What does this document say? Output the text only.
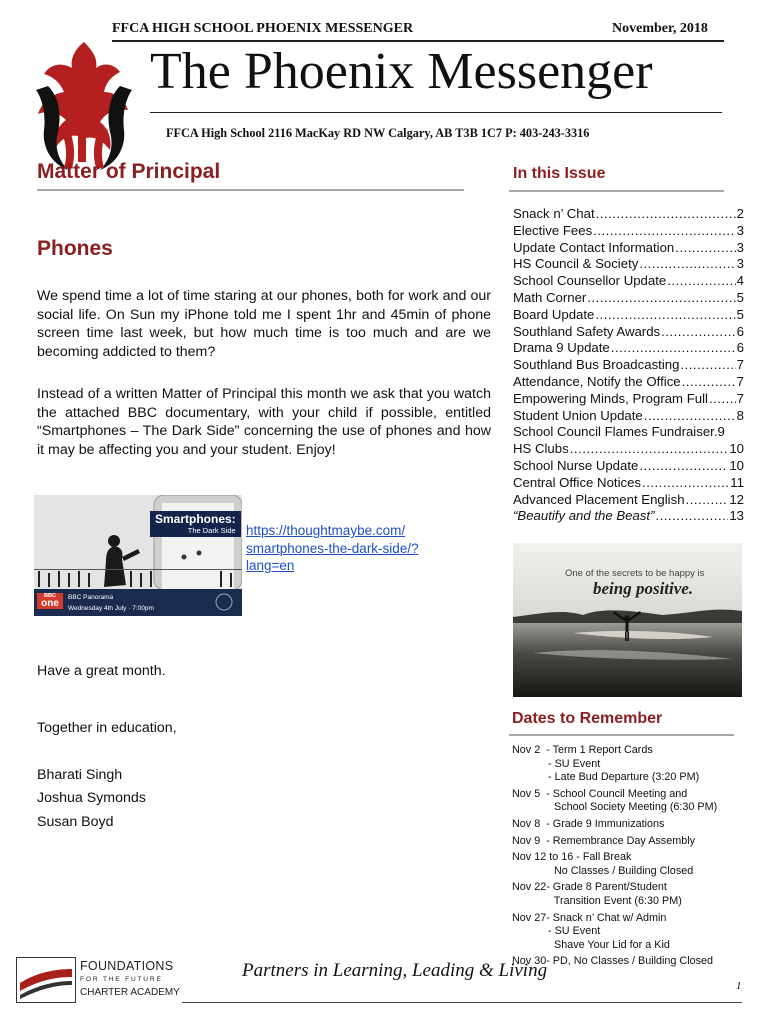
FFCA HIGH SCHOOL PHOENIX MESSENGER	November, 2018
The Phoenix Messenger
FFCA High School 2116 MacKay RD NW Calgary, AB T3B 1C7 P: 403-243-3316
Matter of Principal
Phones
We spend time a lot of time staring at our phones, both for work and our social life. On Sun my iPhone told me I spent 1hr and 45min of phone screen time last week, but how much time is too much and are we becoming addicted to them?
Instead of a written Matter of Principal this month we ask that you watch the attached BBC documentary, with your child if possible, entitled “Smartphones – The Dark Side” concerning the use of phones and how it may be affecting you and your student. Enjoy!
Smartphones:
The Dark Side
BBC
one
BBC Panorama
Wednesday 4th July · 7:00pm
https://thoughtmaybe.com/
smartphones-the-dark-side/?
lang=en
Have a great month.
Together in education,
Bharati Singh
Joshua Symonds
Susan Boyd
In this Issue
Snack n’ Chat .....	2
Elective Fees .....	3
Update Contact Information .....	3
HS Council & Society .....	3
School Counsellor Update .....	4
Math Corner .....	5
Board Update .....	5
Southland Safety Awards .....	6
Drama 9 Update .....	6
Southland Bus Broadcasting .....	7
Attendance, Notify the Office .....	7
Empowering Minds, Program Full ..... 7
Student Union Update .....	8
School Council Flames Fundraiser. 9
HS Clubs .....	10
School Nurse Update .....	10
Central Office Notices .....	11
Advanced Placement English .....	12
“Beautify and the Beast” .....	13
One of the secrets to be happy is
being positive.
Dates to Remember
Nov 2  - Term 1 Report Cards
- SU Event
- Late Bud Departure (3:20 PM)
Nov 5  - School Council Meeting and
School Society Meeting (6:30 PM)
Nov 8  - Grade 9 Immunizations
Nov 9  - Remembrance Day Assembly
Nov 12 to 16 - Fall Break
No Classes / Building Closed
Nov 22- Grade 8 Parent/Student
Transition Event (6:30 PM)
Nov 27- Snack n’ Chat w/ Admin
- SU Event
Shave Your Lid for a Kid
Nov 30- PD, No Classes / Building Closed
FOUNDATIONS
F O R   T H E   F U T U R E
CHARTER ACADEMY
Partners in Learning, Leading & Living
1
